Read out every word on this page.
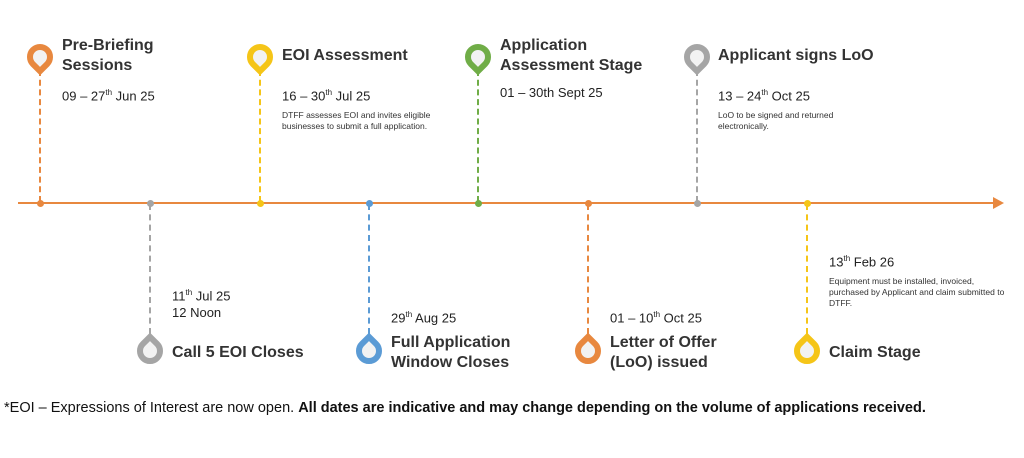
Pre-Briefing
Sessions
09 – 27th Jun 25
EOI Assessment
16 – 30th Jul 25
DTFF assesses EOI and invites eligible businesses to submit a full application.
Application
Assessment Stage
01 – 30th Sept 25
Applicant signs LoO
13 – 24th Oct 25
LoO to be signed and returned electronically.
11th Jul 25
12 Noon
Call 5 EOI Closes
29th Aug 25
Full Application
Window Closes
01 – 10th Oct 25
Letter of Offer
(LoO) issued
13th Feb 26
Equipment must be installed, invoiced, purchased by Applicant and claim submitted to DTFF.
Claim Stage
*EOI – Expressions of Interest are now open. All dates are indicative and may change depending on the volume of applications received.
